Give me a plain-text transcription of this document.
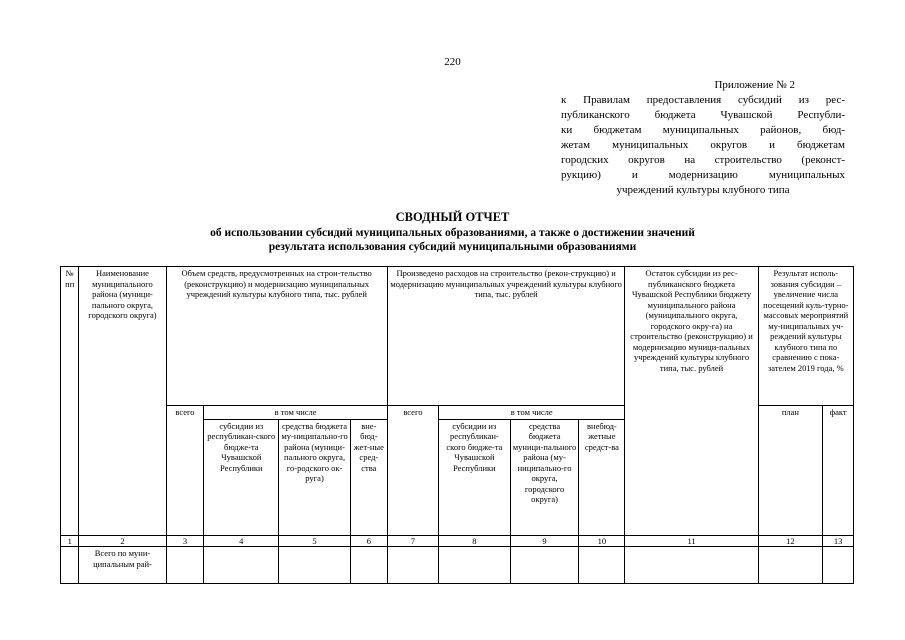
220
Приложение № 2
к Правилам предоставления субсидий из рес-
публиканского бюджета Чувашской Республи-
ки бюджетам муниципальных районов, бюд-
жетам муниципальных округов и бюджетам
городских округов на строительство (реконст-
рукцию) и модернизацию муниципальных
учреждений культуры клубного типа
СВОДНЫЙ ОТЧЕТ
об использовании субсидий муниципальных образованиями, а также о достижении значений
результата использования субсидий муниципальными образованиями
№ пп	Наименование муниципального района (муници-пального округа, городского округа)	Объем средств, предусмотренных на строи-тельство (реконструкцию) и модернизацию муниципальных учреждений культуры клубного типа, тыс. рублей				Произведено расходов на строительство (рекон-струкцию) и модернизацию муниципальных учреждений культуры клубного типа, тыс. рублей				Остаток субсидии из рес-публиканского бюджета Чувашской Республики бюджету муниципального района (муниципального округа, городского окру-га) на строительство (реконструкцию) и модернизацию муници-пальных учреждений культуры клубного типа, тыс. рублей	Результат исполь-зования субсидии – увеличение числа посещений куль-турно-массовых мероприятий му-ниципальных уч-реждений культуры клубного типа по сравнению с пока-зателем 2019 года, %	
		всего	в том числе			всего	в том числе				план	факт
			субсидии из республикан-ского бюдже-та Чувашской Республики	средства бюджета му-ниципально-го района (муници-пального округа, го-родского ок-руга)	вне-бюд-жет-ные сред-ства		субсидии из республикан-ского бюдже-та Чувашской Республики	средства бюджета муници-пального района (му-ниципально-го округа, городского округа)	внебюд-жетные средст-ва			
1	2	3	4	5	6	7	8	9	10	11	12	13
	Всего по муни-ципальным рай-											
